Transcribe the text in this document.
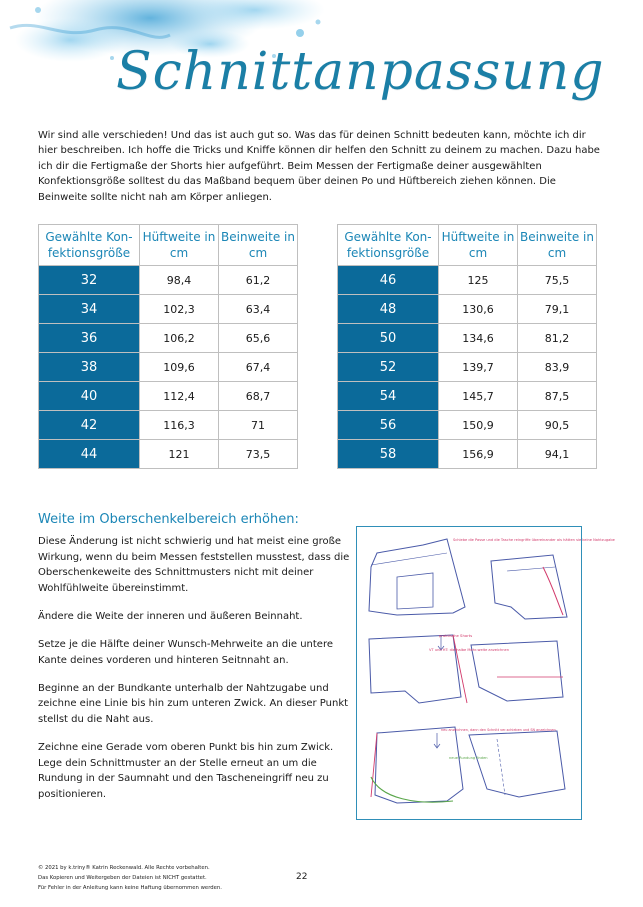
Schnittanpassung

Wir sind alle verschieden! Und das ist auch gut so. Was das für deinen Schnitt bedeuten kann, möchte ich dir hier beschreiben. Ich hoffe die Tricks und Kniffe können dir helfen den Schnitt zu deinem zu machen. Dazu habe ich dir die Fertigmaße der Shorts hier aufgeführt. Beim Messen der Fertigmaße deiner ausgewählten Konfektionsgröße solltest du das Maßband bequem über deinen Po und Hüftbereich ziehen können. Die Beinweite sollte nicht nah am Körper anliegen.

Gewählte Kon-fektionsgröße	Hüftweite in cm	Beinweite in cm
32	98,4	61,2
34	102,3	63,4
36	106,2	65,6
38	109,6	67,4
40	112,4	68,7
42	116,3	71
44	121	73,5
Gewählte Kon-fektionsgröße	Hüftweite in cm	Beinweite in cm
46	125	75,5
48	130,6	79,1
50	134,6	81,2
52	139,7	83,9
54	145,7	87,5
56	150,9	90,5
58	156,9	94,1
Weite im Oberschenkelbereich erhöhen:

Diese Änderung ist nicht schwierig und hat meist eine große Wirkung, wenn du beim Messen feststellen musstest, dass die Oberschenkeweite des Schnittmusters nicht mit deiner Wohlfühlweite übereinstimmt.

Ändere die Weite der inneren und äußeren Beinnaht.

Setze je die Hälfte deiner Wunsch-Mehrweite an die untere Kante deines vorderen und hinteren Seitnnaht an.

Beginne an der Bundkante unterhalb der Nahtzugabe und zeichne eine Linie bis hin zum unteren Zwick. An dieser Punkt stellst du die Naht aus.

Zeichne eine Gerade vom oberen Punkt bis hin zum Zwick. Lege dein Schnittmuster an der Stelle erneut an um die Rundung in der Saumnaht und den Tascheneingriff neu zu positionieren.

Schiebe die Passe und die Tasche reingriffe übereinander als hätten sie keine Nahtzugabe
praktische Shorts
VT und HT: die halbe Mehr-weite anzeichnen
neu anzeichnen, dann den Schnitt ver-schieben und SN anzeichnen
neue Rundung finden
© 2021 by k.triny® Katrin Reckenwald. Alle Rechte vorbehalten.
Das Kopieren und Weitergeben der Dateien ist NICHT gestattet.
Für Fehler in der Anleitung kann keine Haftung übernommen werden.
22
